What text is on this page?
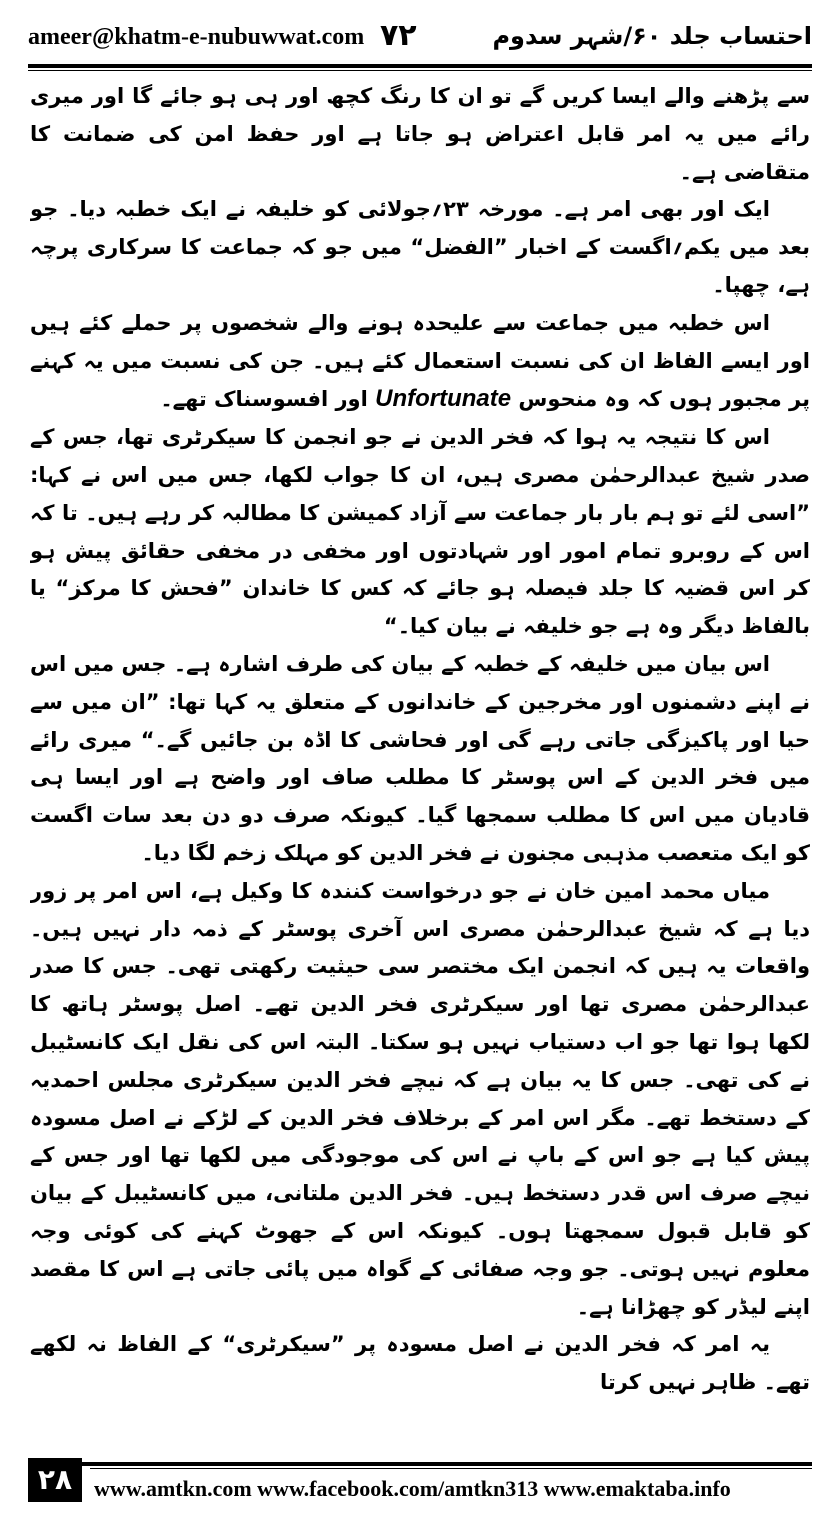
ameer@khatm-e-nubuwwat.com ۷۲	احتساب جلد ۶۰/شہر سدوم

سے پڑھنے والے ایسا کریں گے تو ان کا رنگ کچھ اور ہی ہو جائے گا اور میری رائے میں یہ امر قابل اعتراض ہو جاتا ہے اور حفظ امن کی ضمانت کا متقاضی ہے۔

ایک اور بھی امر ہے۔ مورخہ ۲۳؍جولائی کو خلیفہ نے ایک خطبہ دیا۔ جو بعد میں یکم؍اگست کے اخبار ”الفضل“ میں جو کہ جماعت کا سرکاری پرچہ ہے، چھپا۔

اس خطبہ میں جماعت سے علیحدہ ہونے والے شخصوں پر حملے کئے ہیں اور ایسے الفاظ ان کی نسبت استعمال کئے ہیں۔ جن کی نسبت میں یہ کہنے پر مجبور ہوں کہ وہ منحوس Unfortunate اور افسوسناک تھے۔

اس کا نتیجہ یہ ہوا کہ فخر الدین نے جو انجمن کا سیکرٹری تھا، جس کے صدر شیخ عبدالرحمٰن مصری ہیں، ان کا جواب لکھا، جس میں اس نے کہا: ”اسی لئے تو ہم بار بار جماعت سے آزاد کمیشن کا مطالبہ کر رہے ہیں۔ تا کہ اس کے روبرو تمام امور اور شہادتوں اور مخفی در مخفی حقائق پیش ہو کر اس قضیہ کا جلد فیصلہ ہو جائے کہ کس کا خاندان ”فحش کا مرکز“ یا بالفاظ دیگر وہ ہے جو خلیفہ نے بیان کیا۔“

اس بیان میں خلیفہ کے خطبہ کے بیان کی طرف اشارہ ہے۔ جس میں اس نے اپنے دشمنوں اور مخرجین کے خاندانوں کے متعلق یہ کہا تھا: ”ان میں سے حیا اور پاکیزگی جاتی رہے گی اور فحاشی کا اڈہ بن جائیں گے۔“ میری رائے میں فخر الدین کے اس پوسٹر کا مطلب صاف اور واضح ہے اور ایسا ہی قادیان میں اس کا مطلب سمجھا گیا۔ کیونکہ صرف دو دن بعد سات اگست کو ایک متعصب مذہبی مجنون نے فخر الدین کو مہلک زخم لگا دیا۔

میاں محمد امین خان نے جو درخواست کنندہ کا وکیل ہے، اس امر پر زور دیا ہے کہ شیخ عبدالرحمٰن مصری اس آخری پوسٹر کے ذمہ دار نہیں ہیں۔ واقعات یہ ہیں کہ انجمن ایک مختصر سی حیثیت رکھتی تھی۔ جس کا صدر عبدالرحمٰن مصری تھا اور سیکرٹری فخر الدین تھے۔ اصل پوسٹر ہاتھ کا لکھا ہوا تھا جو اب دستیاب نہیں ہو سکتا۔ البتہ اس کی نقل ایک کانسٹیبل نے کی تھی۔ جس کا یہ بیان ہے کہ نیچے فخر الدین سیکرٹری مجلس احمدیہ کے دستخط تھے۔ مگر اس امر کے برخلاف فخر الدین کے لڑکے نے اصل مسودہ پیش کیا ہے جو اس کے باپ نے اس کی موجودگی میں لکھا تھا اور جس کے نیچے صرف اس قدر دستخط ہیں۔ فخر الدین ملتانی، میں کانسٹیبل کے بیان کو قابل قبول سمجھتا ہوں۔ کیونکہ اس کے جھوٹ کہنے کی کوئی وجہ معلوم نہیں ہوتی۔ جو وجہ صفائی کے گواہ میں پائی جاتی ہے اس کا مقصد اپنے لیڈر کو چھڑانا ہے۔

یہ امر کہ فخر الدین نے اصل مسودہ پر ”سیکرٹری“ کے الفاظ نہ لکھے تھے۔ ظاہر نہیں کرتا

۲۸ www.amtkn.com www.facebook.com/amtkn313 www.emaktaba.info
